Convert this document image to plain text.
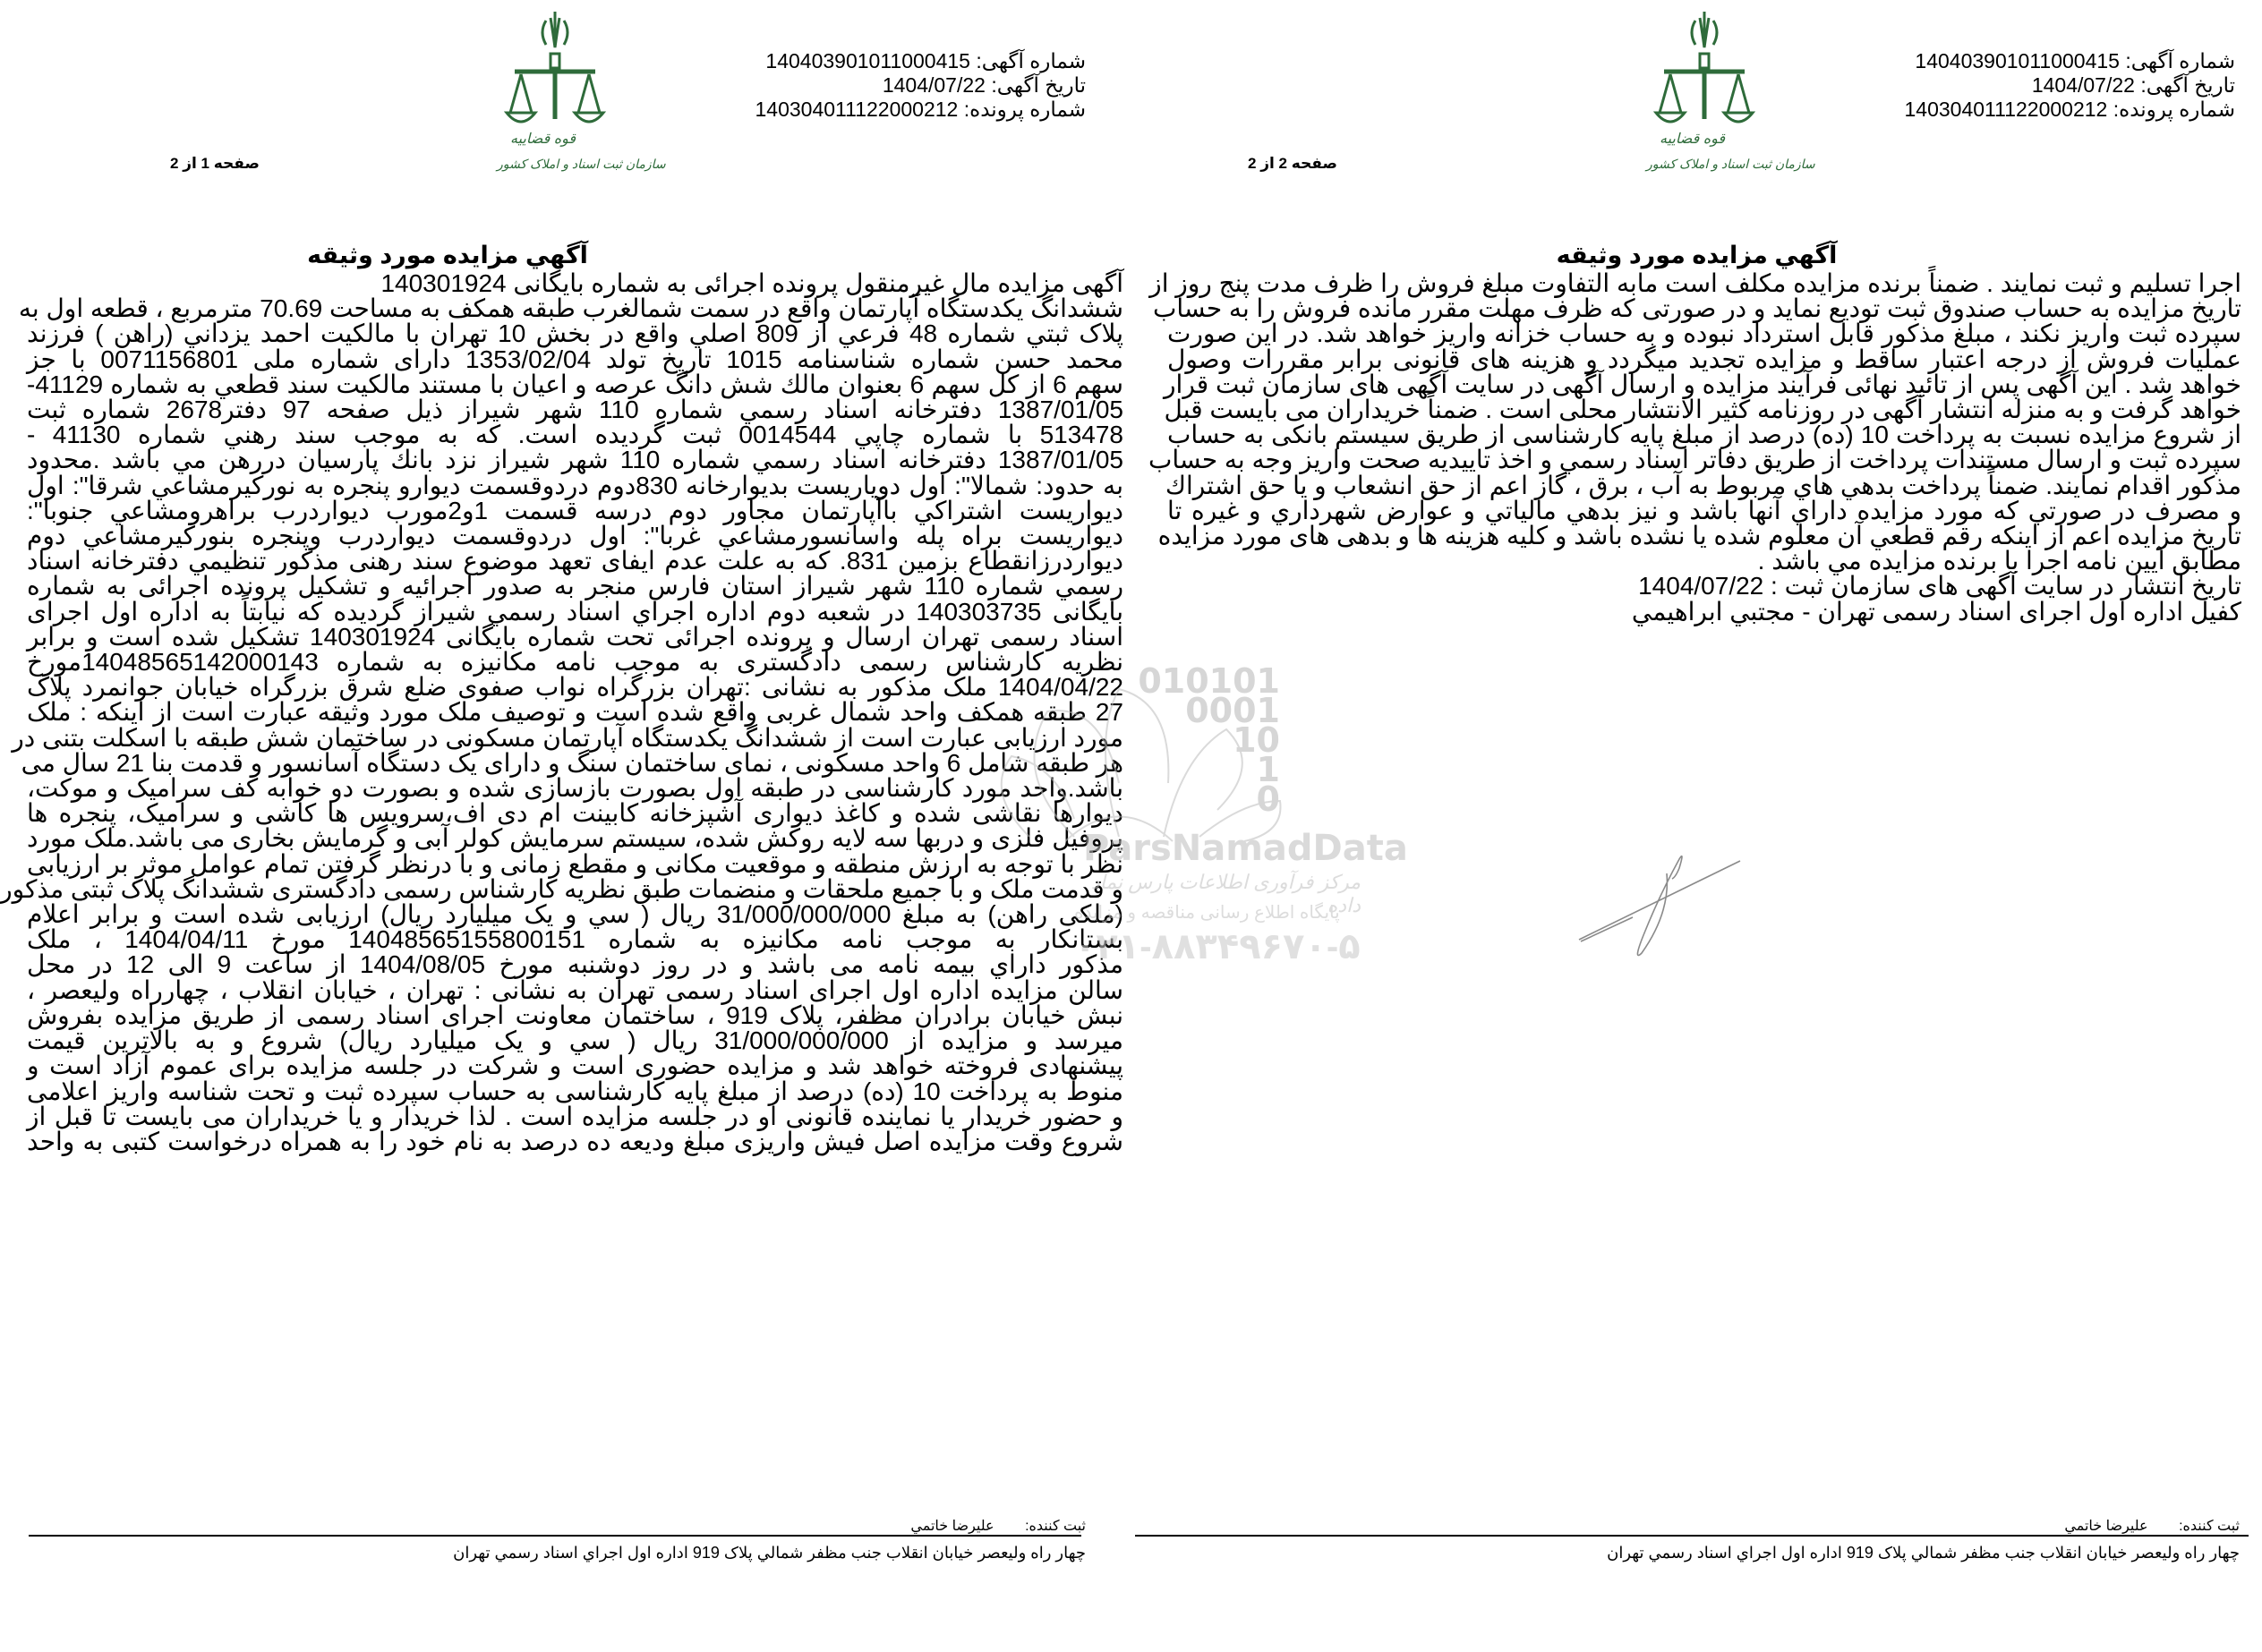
قوه قضاییه
سازمان ثبت اسناد و املاک کشور
شماره آگهی: 140403901011000415
تاریخ آگهی: 1404/07/22
شماره پرونده: 140304011122000212
صفحه 1 از 2
آگهي مزايده مورد وثيقه
آگهی مزایده مال غیرمنقول پرونده اجرائی به شماره بایگانی 140301924
ششدانگ یکدستگاه آپارتمان واقع در سمت شمالغرب طبقه همکف به مساحت 70.69 مترمربع ، قطعه اول به
پلاک ثبتي شماره 48 فرعي از 809 اصلي واقع در بخش 10 تهران با مالكيت احمد يزداني (راهن ) فرزند
محمد حسن شماره شناسنامه 1015 تاریخ تولد 1353/02/04 دارای شماره ملی 0071156801 با جز
سهم 6 از كل سهم 6 بعنوان مالك شش دانگ عرصه و اعيان با مستند مالكيت سند قطعي به شماره 41129-
1387/01/05 دفترخانه اسناد رسمي شماره 110 شهر شيراز ذيل صفحه 97 دفتر2678 شماره ثبت
513478 با شماره چاپي 0014544 ثبت گرديده است. كه به موجب سند رهني شماره 41130 -
1387/01/05 دفترخانه اسناد رسمي شماره 110 شهر شيراز نزد بانك پارسيان دررهن مي باشد .محدود
به حدود: شمالا": اول دوياريست بديوارخانه 830دوم دردوقسمت ديوارو پنجره به نوركيرمشاعي شرقا": اول
ديواريست اشتراكي باآپارتمان مجاور دوم درسه قسمت 1و2مورب ديواردرب براهرومشاعي جنوبا":
ديواريست براه پله واسانسورمشاعي غربا": اول دردوقسمت ديواردرب وپنجره بنوركيرمشاعي دوم
ديواردرزانقطاع بزمين 831. كه به علت عدم ایفای تعهد موضوع سند رهنی مذکور تنظيمي دفترخانه اسناد
رسمي شماره 110 شهر شيراز استان فارس منجر به صدور اجرائيه و تشكيل پرونده اجرائی به شماره
بایگانی 140303735 در شعبه دوم اداره اجراي اسناد رسمي شيراز گرديده كه نيابتاً به اداره اول اجرای
اسناد رسمی تهران ارسال و پرونده اجرائی تحت شماره بایگانی 140301924 تشکیل شده است و برابر
نظریه کارشناس رسمی دادگستری به موجب نامه مکانیزه به شماره 14048565142000143مورخ
1404/04/22 ملک مذکور به نشانی :تهران بزرگراه نواب صفوی ضلع شرق بزرگراه خیابان جوانمرد پلاک
27 طبقه همکف واحد شمال غربی واقع شده است و توصیف ملک مورد وثیقه عبارت است از اینکه : ملک
مورد ارزیابی عبارت است از ششدانگ یکدستگاه آپارتمان مسکونی در ساختمان شش طبقه با اسکلت بتنی در
هر طبقه شامل 6 واحد مسکونی ، نمای ساختمان سنگ و دارای یک دستگاه آسانسور و قدمت بنا 21 سال می
باشد.واحد مورد کارشناسی در طبقه اول بصورت بازسازی شده و بصورت دو خوابه کف سرامیک و موکت،
دیوارها نقاشی شده و کاغذ دیواری آشپزخانه کابینت ام دی اف،سرویس ها کاشی و سرامیک، پنجره ها
پروفیل فلزی و دربها سه لایه روکش شده، سیستم سرمایش کولر آبی و گرمایش بخاری می باشد.ملک مورد
نظر با توجه به ارزش منطقه و موقعیت مکانی و مقطع زمانی و با درنظر گرفتن تمام عوامل موثر بر ارزیابی
و قدمت ملک و با جمیع ملحقات و منضمات طبق نظریه کارشناس رسمی دادگستری ششدانگ پلاک ثبتی مذکور
(ملکی راهن) به مبلغ 31/000/000/000 ریال ( سي و يک ميليارد ريال) ارزیابی شده است و برابر اعلام
بستانکار به موجب نامه مکانیزه به شماره 14048565155800151 مورخ 1404/04/11 ، ملک
مذكور داراي بيمه نامه می باشد و در روز دوشنبه مورخ 1404/08/05 از ساعت 9 الی 12 در محل
سالن مزایده اداره اول اجرای اسناد رسمی تهران به نشانی : تهران ، خیابان انقلاب ، چهارراه ولیعصر ،
نبش خیابان برادران مظفر، پلاک 919 ، ساختمان معاونت اجرای اسناد رسمی از طریق مزایده بفروش
میرسد و مزایده از 31/000/000/000 ریال ( سي و يک ميليارد ريال) شروع و به بالاترین قیمت
پیشنهادی فروخته خواهد شد و مزایده حضوری است و شرکت در جلسه مزایده برای عموم آزاد است و
منوط به پرداخت 10 (ده) درصد از مبلغ پایه کارشناسی به حساب سپرده ثبت و تحت شناسه واریز اعلامی
و حضور خریدار یا نماینده قانونی او در جلسه مزایده است . لذا خریدار و یا خریداران می بایست تا قبل از
شروع وقت مزایده اصل فیش واریزی مبلغ ودیعه ده درصد به نام خود را به همراه درخواست کتبی به واحد
ثبت كننده: عليرضا خاتمي
چهار راه وليعصر خيابان انقلاب جنب مظفر شمالي پلاک 919 اداره اول اجراي اسناد رسمي تهران
010101
0001
10
1
0
ParsNamadData
مرکز فرآوری اطلاعات پارس نماد داده
پایگاه اطلاع رسانی مناقصه و مزایده
۰۲۱-۸۸۳۴۹۶۷۰-۵
قوه قضاییه
سازمان ثبت اسناد و املاک کشور
شماره آگهی: 140403901011000415
تاریخ آگهی: 1404/07/22
شماره پرونده: 140304011122000212
صفحه 2 از 2
آگهي مزايده مورد وثيقه
اجرا تسلیم و ثبت نمایند . ضمناً برنده مزایده مکلف است مابه التفاوت مبلغ فروش را ظرف مدت پنج روز از
تاریخ مزایده به حساب صندوق ثبت تودیع نماید و در صورتی که ظرف مهلت مقرر مانده فروش را به حساب
سپرده ثبت واریز نکند ، مبلغ مذکور قابل استرداد نبوده و به حساب خزانه واریز خواهد شد. در این صورت
عملیات فروش از درجه اعتبار ساقط و مزایده تجدید میگردد و هزینه های قانونی برابر مقررات وصول
خواهد شد . این آگهی پس از تائید نهائی فرآیند مزایده و ارسال آگهی در سایت آگهی های سازمان ثبت قرار
خواهد گرفت و به منزله انتشار آگهی در روزنامه کثیر الانتشار محلی است . ضمناً خریداران می بایست قبل
از شروع مزایده نسبت به پرداخت 10 (ده) درصد از مبلغ پایه کارشناسی از طریق سیستم بانکی به حساب
سپرده ثبت و ارسال مستندات پرداخت از طریق دفاتر اسناد رسمي و اخذ تاييديه صحت واريز وجه به حساب
مذكور اقدام نمايند. ضمناً پرداخت بدهي هاي مربوط به آب ، برق ، گاز اعم از حق انشعاب و يا حق اشتراك
و مصرف در صورتي كه مورد مزايده داراي آنها باشد و نيز بدهي مالياتي و عوارض شهرداري و غيره تا
تاريخ مزايده اعم از اينكه رقم قطعي آن معلوم شده يا نشده باشد و كليه هزينه ها و بدهی های مورد مزایده
مطابق آيين نامه اجرا با برنده مزايده مي باشد .
تاریخ انتشار در سایت آگهی های سازمان ثبت : 1404/07/22
كفيل اداره اول اجرای اسناد رسمی تهران - مجتبي ابراهيمي
ثبت كننده: عليرضا خاتمي
چهار راه وليعصر خيابان انقلاب جنب مظفر شمالي پلاک 919 اداره اول اجراي اسناد رسمي تهران
